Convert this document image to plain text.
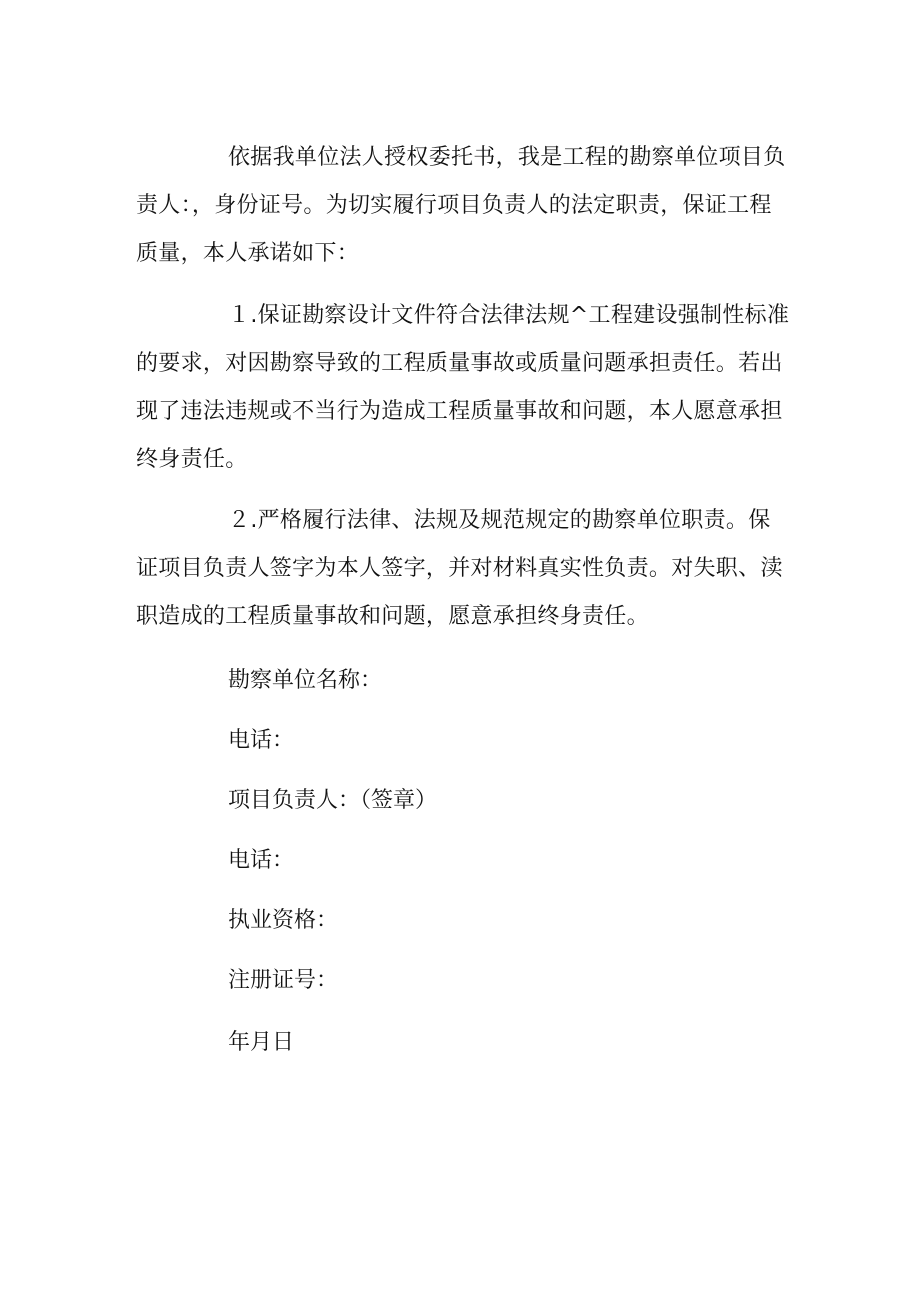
依据我单位法人授权委托书，我是工程的勘察单位项目负
责人：，身份证号。为切实履行项目负责人的法定职责，保证工程
质量，本人承诺如下：
１.保证勘察设计文件符合法律法规^工程建设强制性标准
的要求，对因勘察导致的工程质量事故或质量问题承担责任。若出
现了违法违规或不当行为造成工程质量事故和问题，本人愿意承担
终身责任。
２.严格履行法律、法规及规范规定的勘察单位职责。保
证项目负责人签字为本人签字，并对材料真实性负责。对失职、渎
职造成的工程质量事故和问题，愿意承担终身责任。
勘察单位名称：
电话：
项目负责人：（签章）
电话：
执业资格：
注册证号：
年月日
